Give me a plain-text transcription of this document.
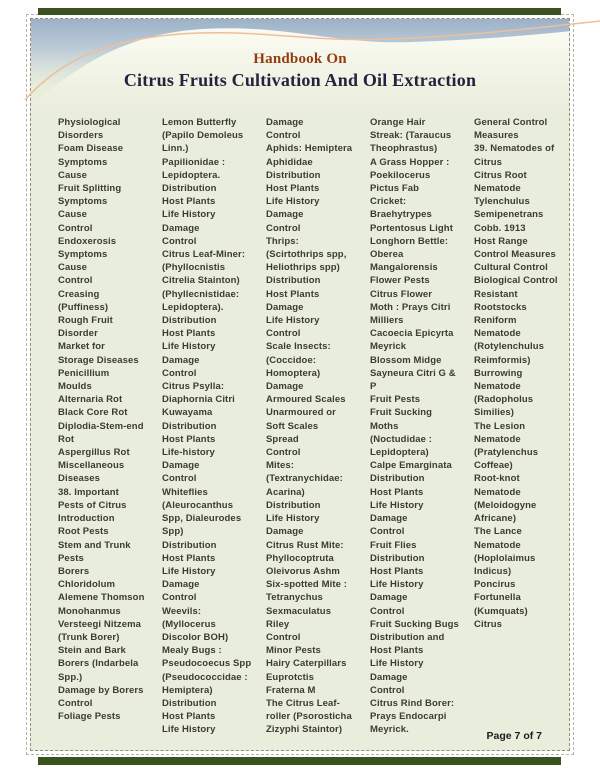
Handbook On
Citrus Fruits Cultivation And Oil Extraction
Physiological
Disorders
Foam Disease
Symptoms
Cause
Fruit Splitting
Symptoms
Cause
Control
Endoxerosis
Symptoms
Cause
Control
Creasing
(Puffiness)
Rough Fruit
Disorder
Market for
Storage Diseases
Penicillium
Moulds
Alternaria Rot
Black Core Rot
Diplodia-Stem-end
Rot
Aspergillus Rot
Miscellaneous
Diseases
38. Important
Pests of Citrus
Introduction
Root Pests
Stem and Trunk
Pests
Borers
Chloridolum
Alemene Thomson
Monohanmus
Versteegi Nitzema
(Trunk Borer)
Stein and Bark
Borers (Indarbela
Spp.)
Damage by Borers
Control
Foliage Pests
Lemon Butterfly
(Papilo Demoleus
Linn.)
Papilionidae :
Lepidoptera.
Distribution
Host Plants
Life History
Damage
Control
Citrus Leaf-Miner:
(Phyllocnistis
Citrelia Stainton)
(Phyllecnistidae:
Lepidoptera).
Distribution
Host Plants
Life History
Damage
Control
Citrus Psylla:
Diaphornia Citri
Kuwayama
Distribution
Host Plants
Life-history
Damage
Control
Whiteflies
(Aleurocanthus
Spp, Dialeurodes
Spp)
Distribution
Host Plants
Life History
Damage
Control
Weevils:
(Myllocerus
Discolor BOH)
Mealy Bugs :
Pseudocoecus Spp
(Pseudococcidae :
Hemiptera)
Distribution
Host Plants
Life History
Damage
Control
Aphids: Hemiptera
Aphididae
Distribution
Host Plants
Life History
Damage
Control
Thrips:
(Scirtothrips spp,
Heliothrips spp)
Distribution
Host Plants
Damage
Life History
Control
Scale Insects:
(Coccidoe:
Homoptera)
Damage
Armoured Scales
Unarmoured or
Soft Scales
Spread
Control
Mites:
(Textranychidae:
Acarina)
Distribution
Life History
Damage
Citrus Rust Mite:
Phyllocoptruta
Oleivorus Ashm
Six-spotted Mite :
Tetranychus
Sexmaculatus
Riley
Control
Minor Pests
Hairy Caterpillars
Euprotctis
Fraterna M
The Citrus Leaf-
roller (Psorosticha
Zizyphi Staintor)
Orange Hair
Streak: (Taraucus
Theophrastus)
A Grass Hopper :
Poekilocerus
Pictus Fab
Cricket:
Braehytrypes
Portentosus Light
Longhorn Bettle:
Oberea
Mangalorensis
Flower Pests
Citrus Flower
Moth : Prays Citri
Milliers
Cacoecia Epicyrta
Meyrick
Blossom Midge
Sayneura Citri G &
P
Fruit Pests
Fruit Sucking
Moths
(Noctudidae :
Lepidoptera)
Calpe Emarginata
Distribution
Host Plants
Life History
Damage
Control
Fruit Flies
Distribution
Host Plants
Life History
Damage
Control
Fruit Sucking Bugs
Distribution and
Host Plants
Life History
Damage
Control
Citrus Rind Borer:
Prays Endocarpi
Meyrick.
General Control
Measures
39. Nematodes of
Citrus
Citrus Root
Nematode
Tylenchulus
Semipenetrans
Cobb. 1913
Host Range
Control Measures
Cultural Control
Biological Control
Resistant
Rootstocks
Reniform
Nematode
(Rotylenchulus
Reimformis)
Burrowing
Nematode
(Radopholus
Similies)
The Lesion
Nematode
(Pratylenchus
Coffeae)
Root-knot
Nematode
(Meloidogyne
Africane)
The Lance
Nematode
(Hoplolaimus
Indicus)
Poncirus
Fortunella
(Kumquats)
Citrus
Page 7 of 7
